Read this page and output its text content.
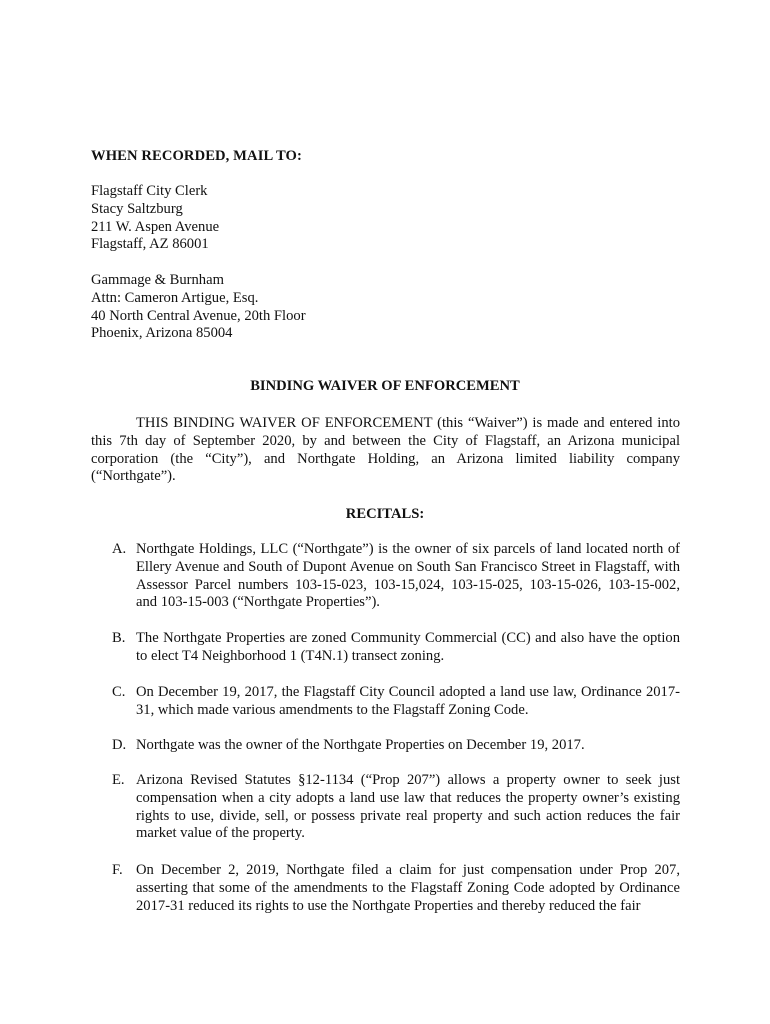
WHEN RECORDED, MAIL TO:
Flagstaff City Clerk
Stacy Saltzburg
211 W. Aspen Avenue
Flagstaff, AZ 86001
Gammage & Burnham
Attn: Cameron Artigue, Esq.
40 North Central Avenue, 20th Floor
Phoenix, Arizona 85004
BINDING WAIVER OF ENFORCEMENT
THIS BINDING WAIVER OF ENFORCEMENT (this “Waiver”) is made and entered into this 7th day of September 2020, by and between the City of Flagstaff, an Arizona municipal corporation (the “City”), and Northgate Holding, an Arizona limited liability company (“Northgate”).
RECITALS:
A. Northgate Holdings, LLC (“Northgate”) is the owner of six parcels of land located north of Ellery Avenue and South of Dupont Avenue on South San Francisco Street in Flagstaff, with Assessor Parcel numbers 103-15-023, 103-15,024, 103-15-025, 103-15-026, 103-15-002, and 103-15-003 (“Northgate Properties”).
B. The Northgate Properties are zoned Community Commercial (CC) and also have the option to elect T4 Neighborhood 1 (T4N.1) transect zoning.
C. On December 19, 2017, the Flagstaff City Council adopted a land use law, Ordinance 2017-31, which made various amendments to the Flagstaff Zoning Code.
D. Northgate was the owner of the Northgate Properties on December 19, 2017.
E. Arizona Revised Statutes §12-1134 (“Prop 207”) allows a property owner to seek just compensation when a city adopts a land use law that reduces the property owner’s existing rights to use, divide, sell, or possess private real property and such action reduces the fair market value of the property.
F. On December 2, 2019, Northgate filed a claim for just compensation under Prop 207, asserting that some of the amendments to the Flagstaff Zoning Code adopted by Ordinance 2017-31 reduced its rights to use the Northgate Properties and thereby reduced the fair
